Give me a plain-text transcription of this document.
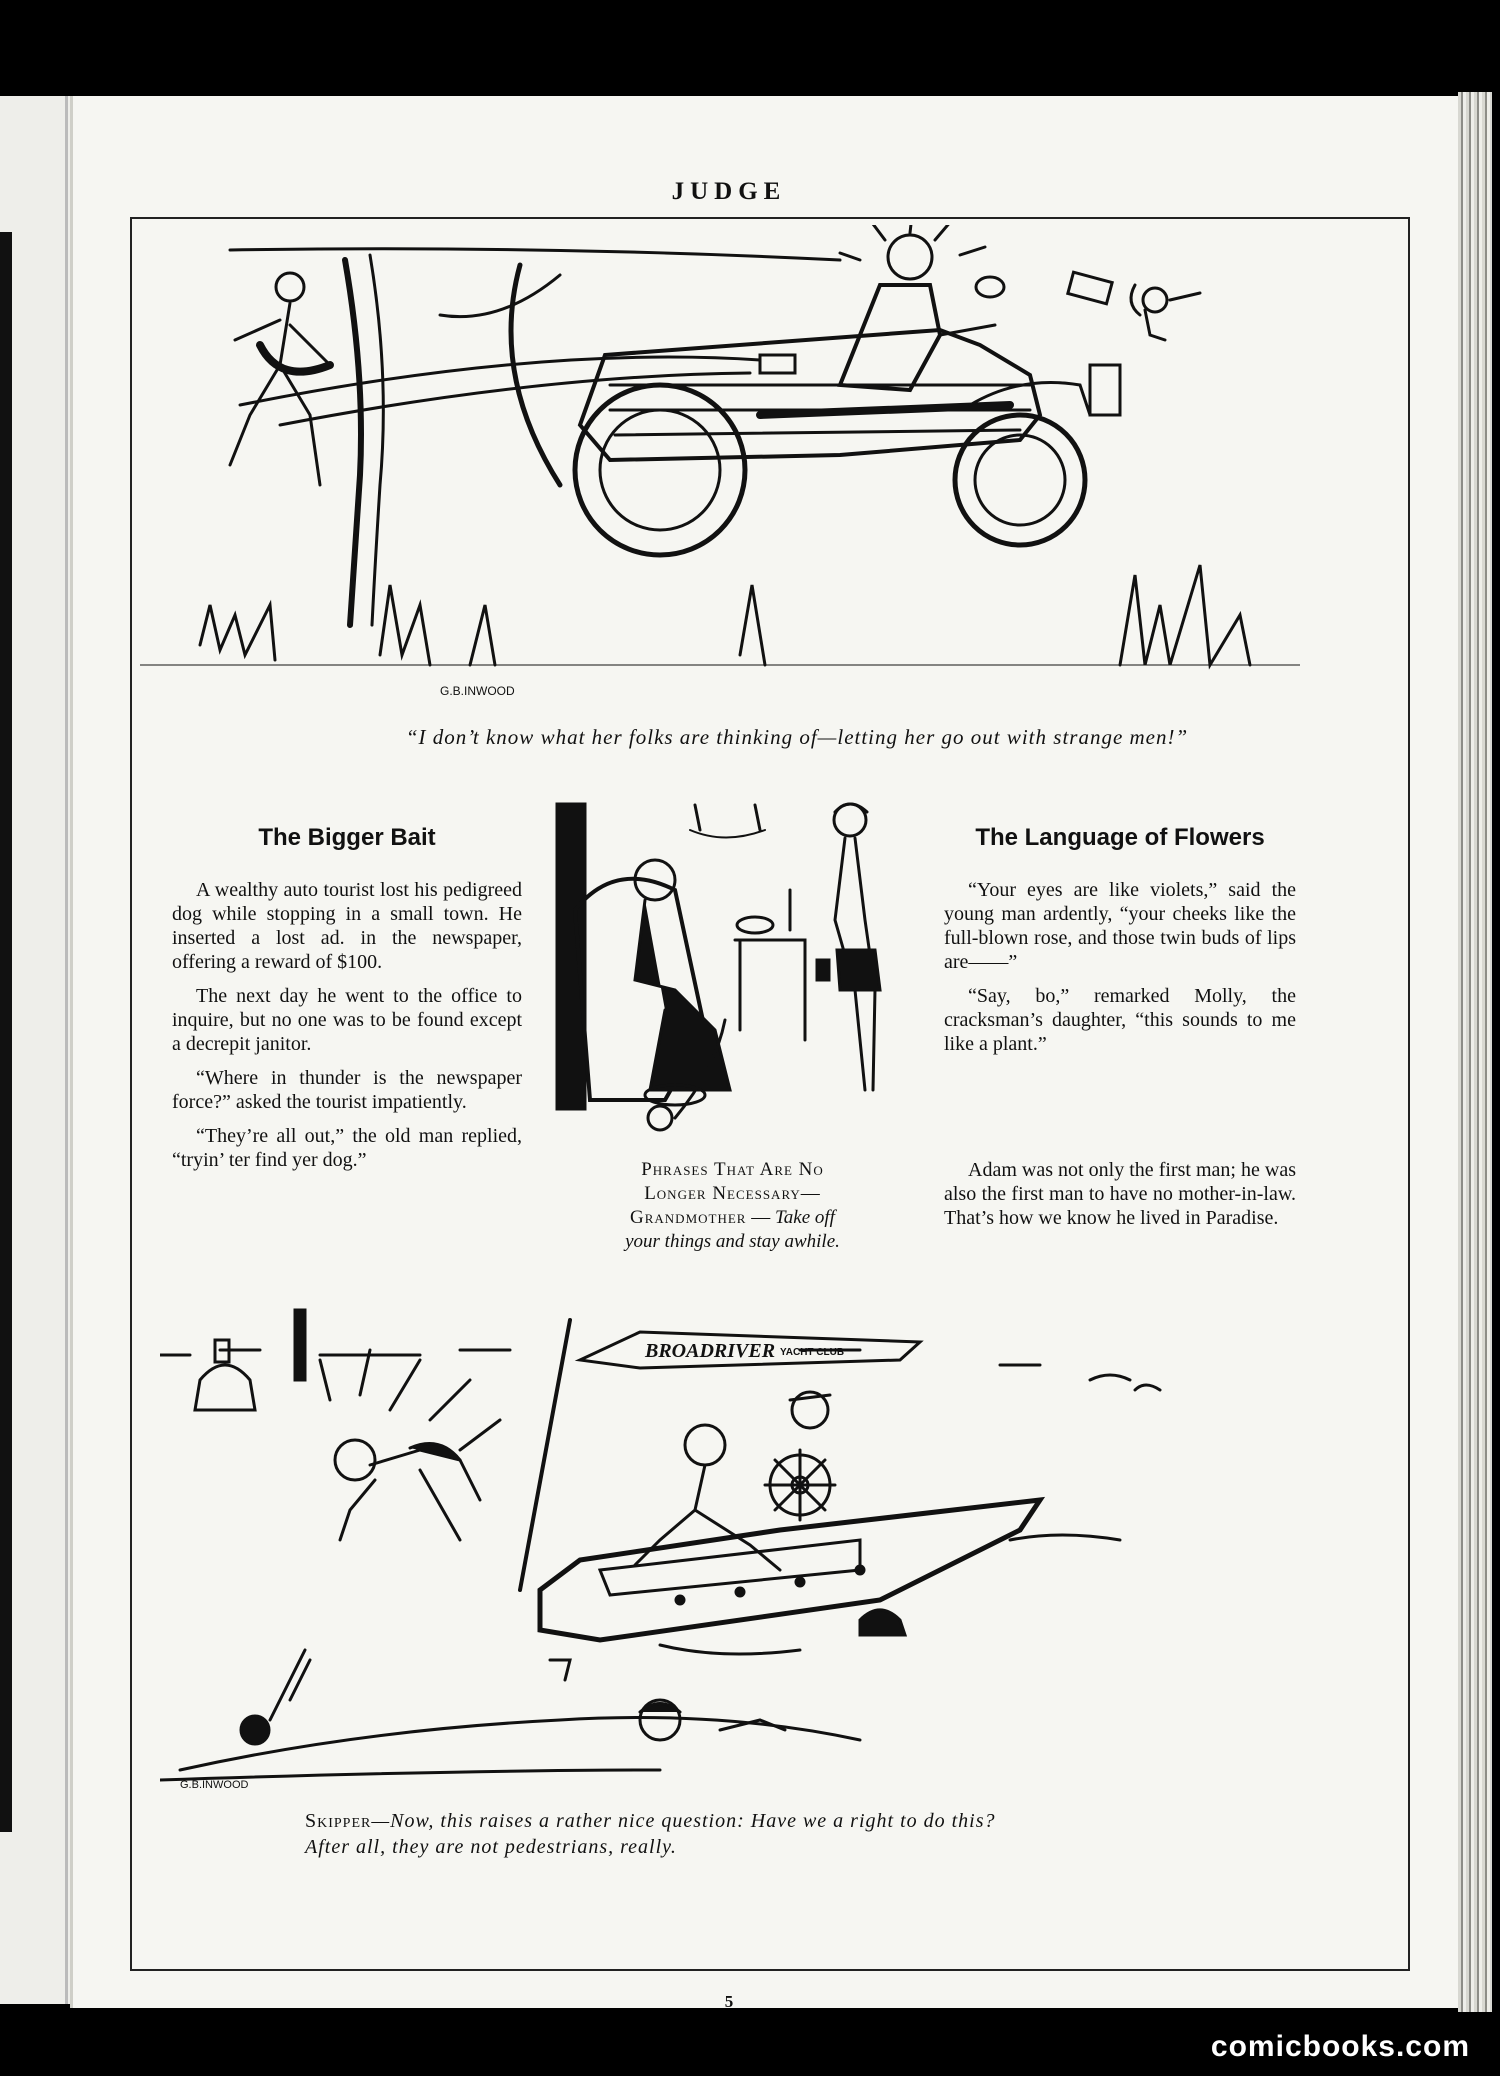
JUDGE
G.B.INWOOD
“I don’t know what her folks are thinking of—letting her go out with strange men!”
The Bigger Bait

A wealthy auto tourist lost his pedigreed dog while stopping in a small town. He inserted a lost ad. in the newspaper, offering a reward of $100.

The next day he went to the office to inquire, but no one was to be found except a decrepit janitor.

“Where in thunder is the newspaper force?” asked the tourist impatiently.

“They’re all out,” the old man replied, “tryin’ ter find yer dog.”	Phrases That Are No
Longer Necessary—
Grandmother — Take off
your things and stay awhile.
The Language of Flowers

“Your eyes are like violets,” said the young man ardently, “your cheeks like the full-blown rose, and those twin buds of lips are——”

“Say, bo,” remarked Molly, the cracksman’s daughter, “this sounds to me like a plant.”

Adam was not only the first man; he was also the first man to have no mother-in-law. That’s how we know he lived in Paradise.

BROADRIVER YACHT CLUB
G.B.INWOOD
Skipper—Now, this raises a rather nice question: Have we a right to do this?
After all, they are not pedestrians, really.
5
comicbooks.com
